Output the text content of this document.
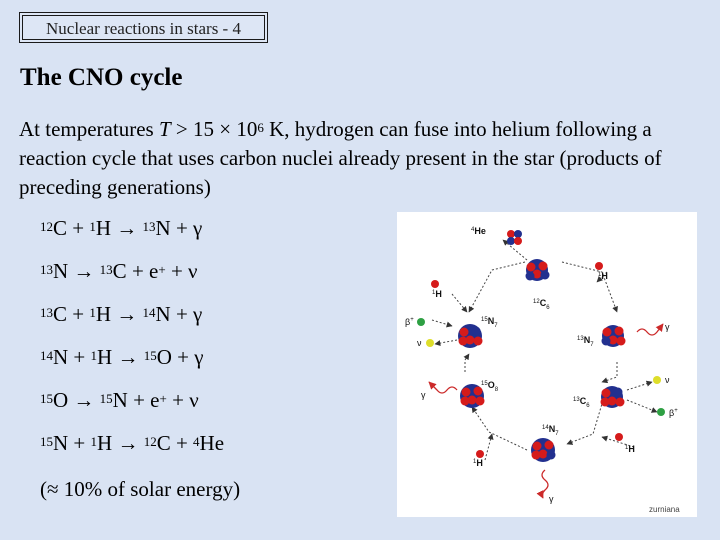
Nuclear reactions in stars - 4
The CNO cycle

At temperatures $T > 15 \times 10^6$ K, hydrogen can fuse into helium following a reaction cycle that uses carbon nuclei already present in the star (products of preceding generations)

$^{12}$C + $^1$H → $^{13}$N + γ
$^{13}$N → $^{13}$C + e+ + ν
$^{13}$C + $^1$H → $^{14}$N + γ
$^{14}$N + $^1$H → $^{15}$O + γ
$^{15}$O → $^{15}$N + e+ + ν
$^{15}$N + $^1$H → $^{12}$C + $^4$He

(≈ 10% of solar energy)

$^4$He
$^1$H
$^1$H
$^{12}C_6$
β+
ν
$^{15}N_7$
$^{13}N_7$
γ
$^{15}O_8$
γ	$^{13}C_6$
ν
β+
$^{14}N_7$
$^1$H
$^1$H
γ
zurniana
